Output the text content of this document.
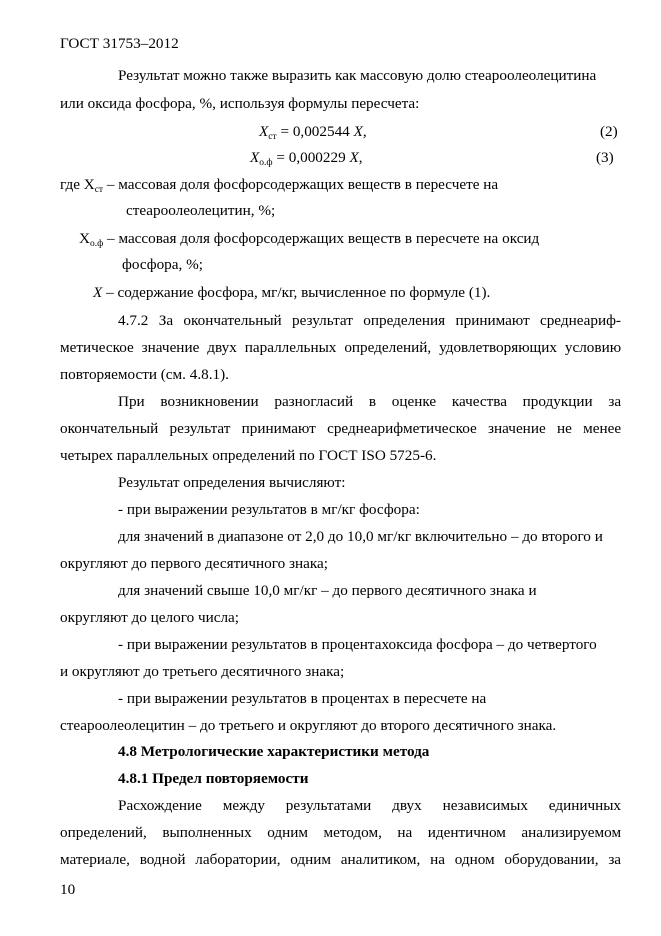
ГОСТ 31753–2012
Результат можно также выразить как массовую долю стеароолеолецитина
или оксида фосфора, %, используя формулы пересчета:
$X_{ст} = 0,002544$ X,	(2)
$X_{о.ф} = 0,000229$ X,	(3)
где $X_{ст}$ – массовая доля фосфорсодержащих веществ в пересчете на
стеароолеолецитин, %;
$X_{о.ф}$ – массовая доля фосфорсодержащих веществ в пересчете на оксид
фосфора, %;
X – содержание фосфора, мг/кг, вычисленное по формуле (1).
4.7.2 За окончательный результат определения принимают среднеариф-
метическое значение двух параллельных определений, удовлетворяющих условию
повторяемости (см. 4.8.1).
При возникновении разногласий в оценке качества продукции за
окончательный результат принимают среднеарифметическое значение не менее
четырех параллельных определений по ГОСТ ISO 5725-6.
Результат определения вычисляют:
- при выражении результатов в мг/кг фосфора:
для значений в диапазоне от 2,0 до 10,0 мг/кг включительно – до второго и
округляют до первого десятичного знака;
для значений свыше 10,0 мг/кг – до первого десятичного знака и
округляют до целого числа;
- при выражении результатов в процентахоксида фосфора – до четвертого
и округляют до третьего десятичного знака;
- при выражении результатов в процентах в пересчете на
стеароолеолецитин – до третьего и округляют до второго десятичного знака.
4.8 Метрологические характеристики метода
4.8.1 Предел повторяемости
Расхождение между результатами двух независимых единичных
определений, выполненных одним методом, на идентичном анализируемом
материале, водной лаборатории, одним аналитиком, на одном оборудовании, за
10
